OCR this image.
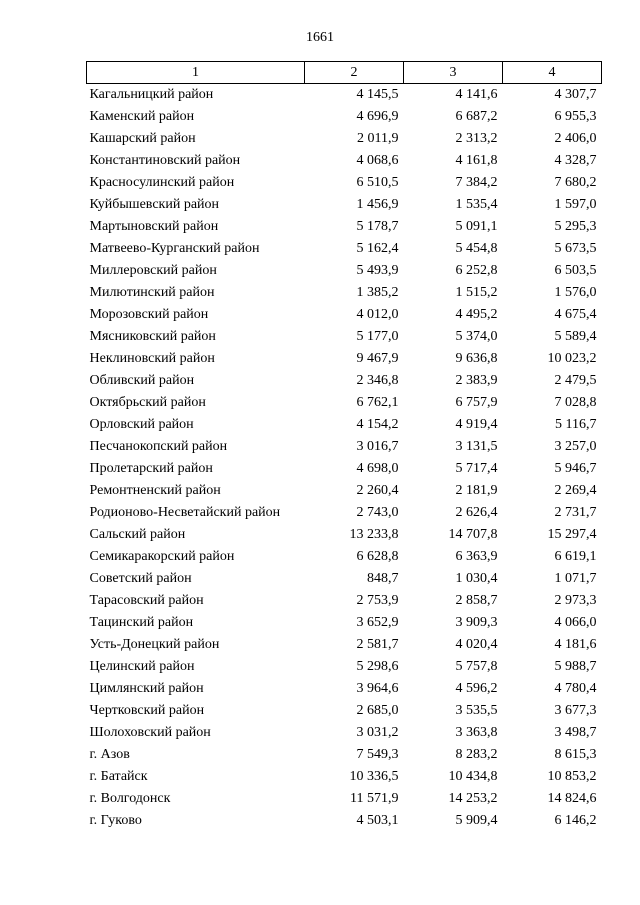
1661
1	2	3	4
Кагальницкий район	4 145,5	4 141,6	4 307,7
Каменский район	4 696,9	6 687,2	6 955,3
Кашарский район	2 011,9	2 313,2	2 406,0
Константиновский район	4 068,6	4 161,8	4 328,7
Красносулинский район	6 510,5	7 384,2	7 680,2
Куйбышевский район	1 456,9	1 535,4	1 597,0
Мартыновский район	5 178,7	5 091,1	5 295,3
Матвеево-Курганский район	5 162,4	5 454,8	5 673,5
Миллеровский район	5 493,9	6 252,8	6 503,5
Милютинский район	1 385,2	1 515,2	1 576,0
Морозовский район	4 012,0	4 495,2	4 675,4
Мясниковский район	5 177,0	5 374,0	5 589,4
Неклиновский район	9 467,9	9 636,8	10 023,2
Обливский район	2 346,8	2 383,9	2 479,5
Октябрьский район	6 762,1	6 757,9	7 028,8
Орловский район	4 154,2	4 919,4	5 116,7
Песчанокопский район	3 016,7	3 131,5	3 257,0
Пролетарский район	4 698,0	5 717,4	5 946,7
Ремонтненский район	2 260,4	2 181,9	2 269,4
Родионово-Несветайский район	2 743,0	2 626,4	2 731,7
Сальский район	13 233,8	14 707,8	15 297,4
Семикаракорский район	6 628,8	6 363,9	6 619,1
Советский район	848,7	1 030,4	1 071,7
Тарасовский район	2 753,9	2 858,7	2 973,3
Тацинский район	3 652,9	3 909,3	4 066,0
Усть-Донецкий район	2 581,7	4 020,4	4 181,6
Целинский район	5 298,6	5 757,8	5 988,7
Цимлянский район	3 964,6	4 596,2	4 780,4
Чертковский район	2 685,0	3 535,5	3 677,3
Шолоховский район	3 031,2	3 363,8	3 498,7
г. Азов	7 549,3	8 283,2	8 615,3
г. Батайск	10 336,5	10 434,8	10 853,2
г. Волгодонск	11 571,9	14 253,2	14 824,6
г. Гуково	4 503,1	5 909,4	6 146,2
